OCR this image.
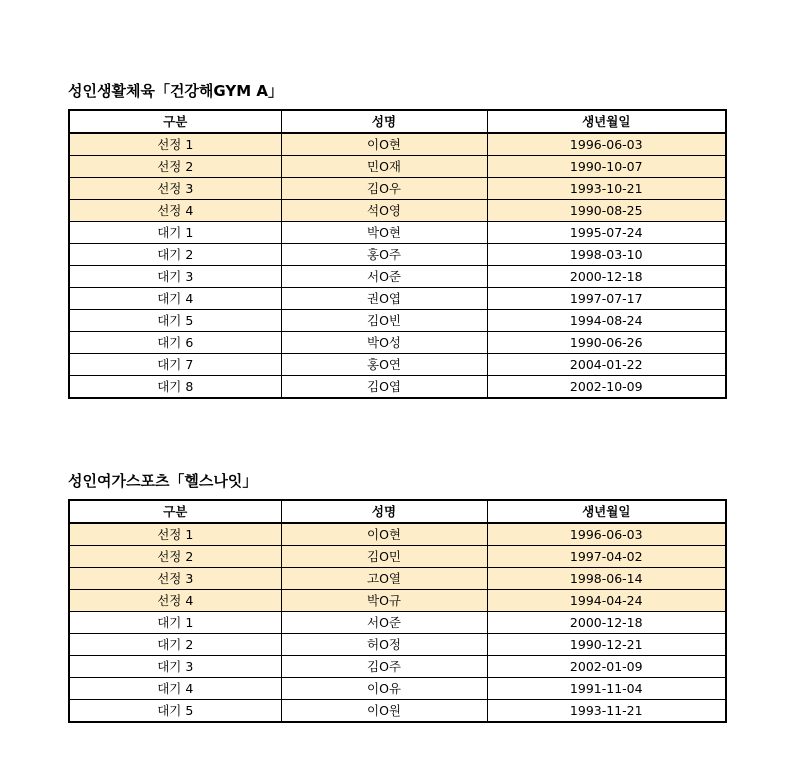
성인생활체육「건강해GYM A」
구분	성명	생년월일
선정 1	이O현	1996-06-03
선정 2	민O재	1990-10-07
선정 3	김O우	1993-10-21
선정 4	석O영	1990-08-25
대기 1	박O현	1995-07-24
대기 2	홍O주	1998-03-10
대기 3	서O준	2000-12-18
대기 4	권O엽	1997-07-17
대기 5	김O빈	1994-08-24
대기 6	박O성	1990-06-26
대기 7	홍O연	2004-01-22
대기 8	김O엽	2002-10-09
성인여가스포츠「헬스나잇」
구분	성명	생년월일
선정 1	이O현	1996-06-03
선정 2	김O민	1997-04-02
선정 3	고O열	1998-06-14
선정 4	박O규	1994-04-24
대기 1	서O준	2000-12-18
대기 2	허O정	1990-12-21
대기 3	김O주	2002-01-09
대기 4	이O유	1991-11-04
대기 5	이O원	1993-11-21
